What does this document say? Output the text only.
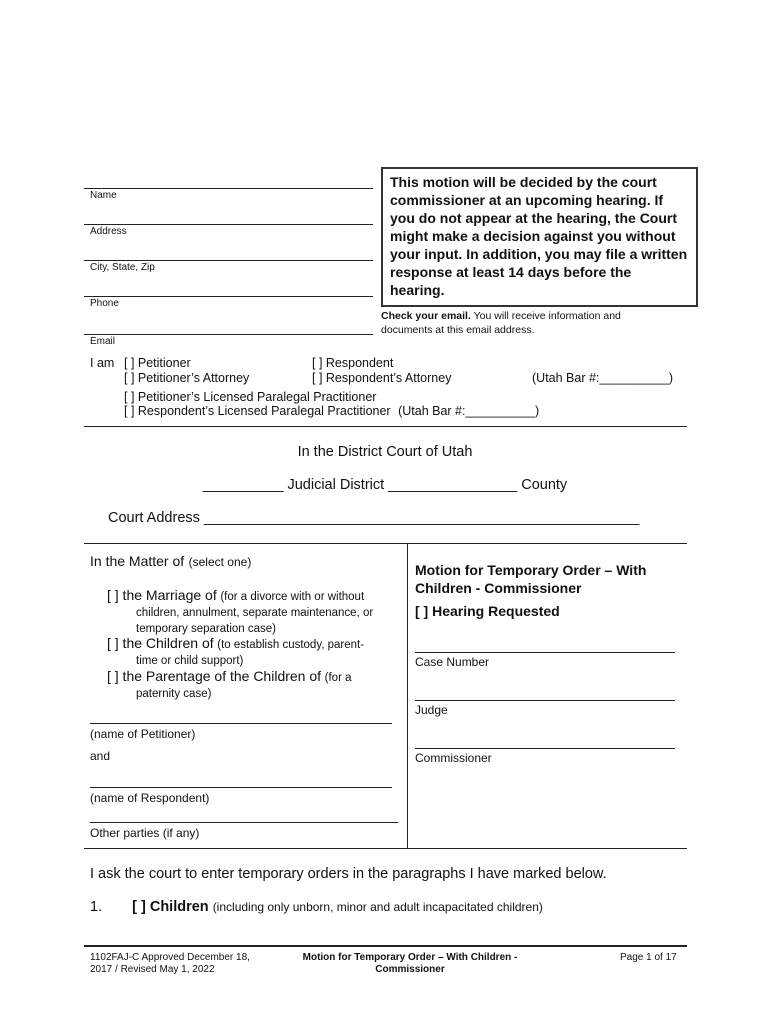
Name
Address
City, State, Zip
Phone
Email
This motion will be decided by the court commissioner at an upcoming hearing. If you do not appear at the hearing, the Court might make a decision against you without your input. In addition, you may file a written response at least 14 days before the hearing.
Check your email. You will receive information and documents at this email address.
I am [ ] Petitioner	[ ] Respondent
[ ] Petitioner’s Attorney	[ ] Respondent’s Attorney	(Utah Bar #:__________)
[ ] Petitioner’s Licensed Paralegal Practitioner
[ ] Respondent’s Licensed Paralegal Practitioner (Utah Bar #:__________)
In the District Court of Utah
__________ Judicial District ________________ County
Court Address ______________________________________________________
In the Matter of (select one)
[ ] the Marriage of (for a divorce with or without
children, annulment, separate maintenance, or
temporary separation case)
[ ] the Children of (to establish custody, parent-
time or child support)
[ ] the Parentage of the Children of (for a
paternity case)
(name of Petitioner)
and
(name of Respondent)
Other parties (if any)
Motion for Temporary Order – With
Children - Commissioner
[ ] Hearing Requested
Case Number
Judge
Commissioner
I ask the court to enter temporary orders in the paragraphs I have marked below.
1. [ ] Children (including only unborn, minor and adult incapacitated children)
1102FAJ-C Approved December 18,
2017 / Revised May 1, 2022
Motion for Temporary Order – With Children -
Commissioner
Page 1 of 17
